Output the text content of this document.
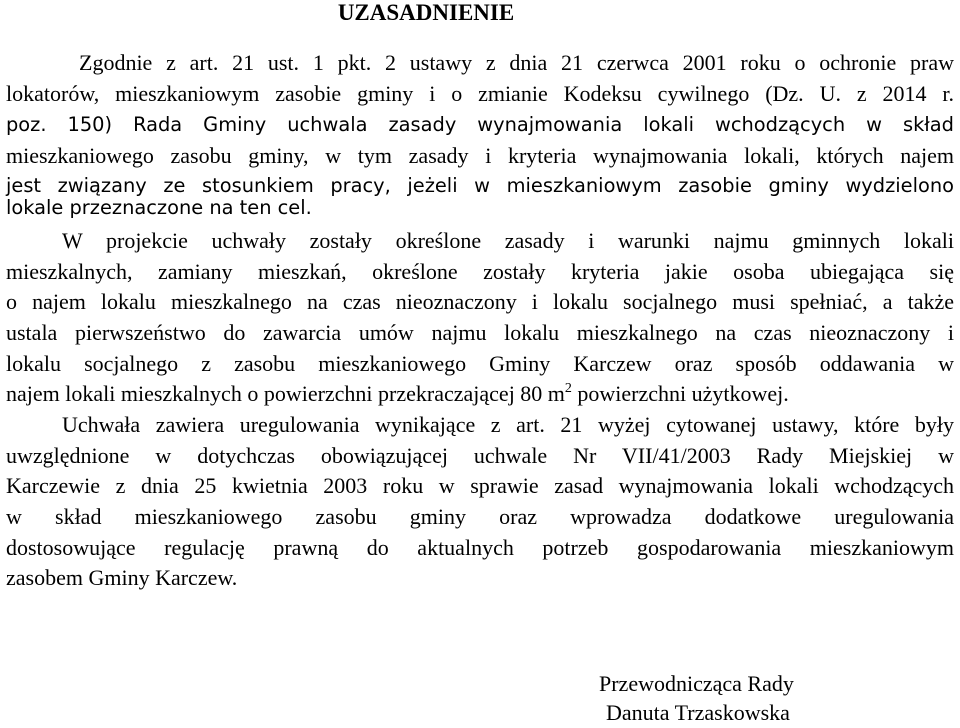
UZASADNIENIE
Zgodnie z art. 21 ust. 1 pkt. 2 ustawy z dnia 21 czerwca 2001 roku o ochronie praw
lokatorów, mieszkaniowym zasobie gminy i o zmianie Kodeksu cywilnego (Dz. U. z 2014 r.
poz. 150) Rada Gminy uchwala zasady wynajmowania lokali wchodzących w skład
mieszkaniowego zasobu gminy, w tym zasady i kryteria wynajmowania lokali, których najem
jest związany ze stosunkiem pracy, jeżeli w mieszkaniowym zasobie gminy wydzielono
lokale przeznaczone na ten cel.
W projekcie uchwały zostały określone zasady i warunki najmu gminnych lokali
mieszkalnych, zamiany mieszkań, określone zostały kryteria jakie osoba ubiegająca się
o najem lokalu mieszkalnego na czas nieoznaczony i lokalu socjalnego musi spełniać, a także
ustala pierwszeństwo do zawarcia umów najmu lokalu mieszkalnego na czas nieoznaczony i
lokalu socjalnego z zasobu mieszkaniowego Gminy Karczew oraz sposób oddawania w
najem lokali mieszkalnych o powierzchni przekraczającej 80 $m^2$ powierzchni użytkowej.
Uchwała zawiera uregulowania wynikające z art. 21 wyżej cytowanej ustawy, które były
uwzględnione w dotychczas obowiązującej uchwale Nr VII/41/2003 Rady Miejskiej w
Karczewie z dnia 25 kwietnia 2003 roku w sprawie zasad wynajmowania lokali wchodzących
w skład mieszkaniowego zasobu gminy oraz wprowadza dodatkowe uregulowania
dostosowujące regulację prawną do aktualnych potrzeb gospodarowania mieszkaniowym
zasobem Gminy Karczew.
Przewodnicząca Rady
Danuta Trzaskowska
